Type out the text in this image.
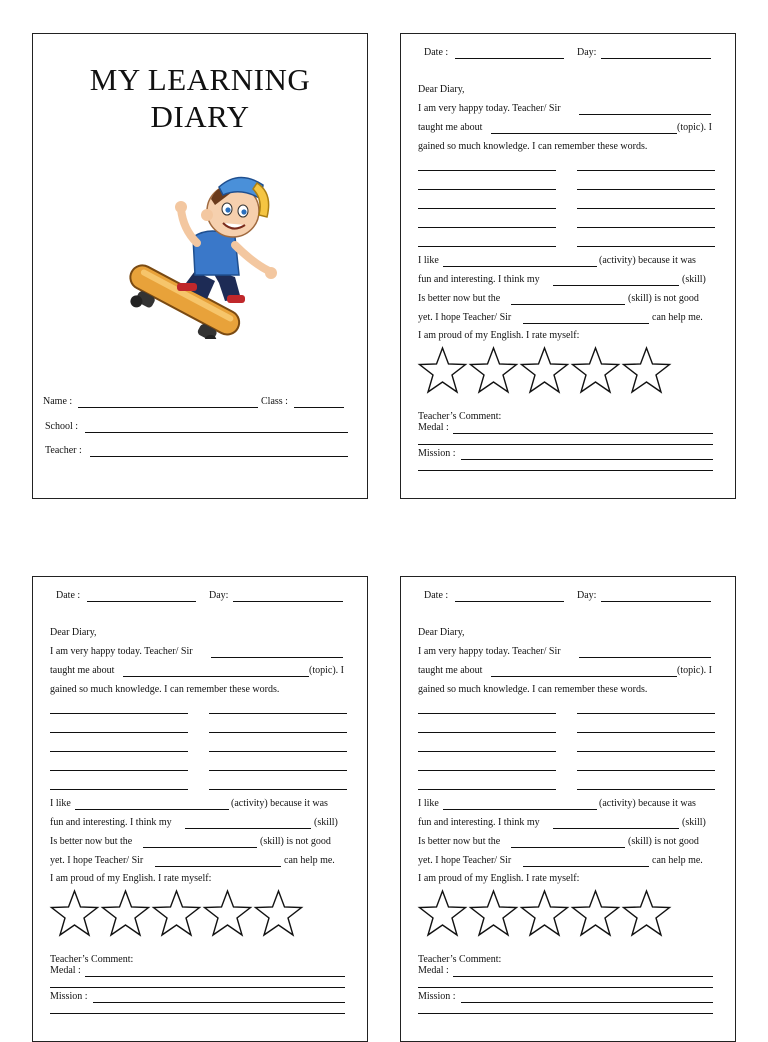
MY LEARNING
DIARY
Name :	Class :
School :
Teacher :
Date :	Day:
Dear Diary,
I am very happy today. Teacher/ Sir
taught me about	(topic). I
gained so much knowledge. I can remember these words.
I like	(activity) because it was
fun and interesting. I think my	(skill)
Is better now but the	(skill) is not good
yet. I hope Teacher/ Sir	can help me.
I am proud of my English. I rate myself:
Teacher’s Comment:
Medal :
Mission :
Date :	Day:
Dear Diary,
I am very happy today. Teacher/ Sir
taught me about	(topic). I
gained so much knowledge. I can remember these words.
I like	(activity) because it was
fun and interesting. I think my	(skill)
Is better now but the	(skill) is not good
yet. I hope Teacher/ Sir	can help me.
I am proud of my English. I rate myself:
Teacher’s Comment:
Medal :
Mission :
Date :	Day:
Dear Diary,
I am very happy today. Teacher/ Sir
taught me about	(topic). I
gained so much knowledge. I can remember these words.
I like	(activity) because it was
fun and interesting. I think my	(skill)
Is better now but the	(skill) is not good
yet. I hope Teacher/ Sir	can help me.
I am proud of my English. I rate myself:
Teacher’s Comment:
Medal :
Mission :
